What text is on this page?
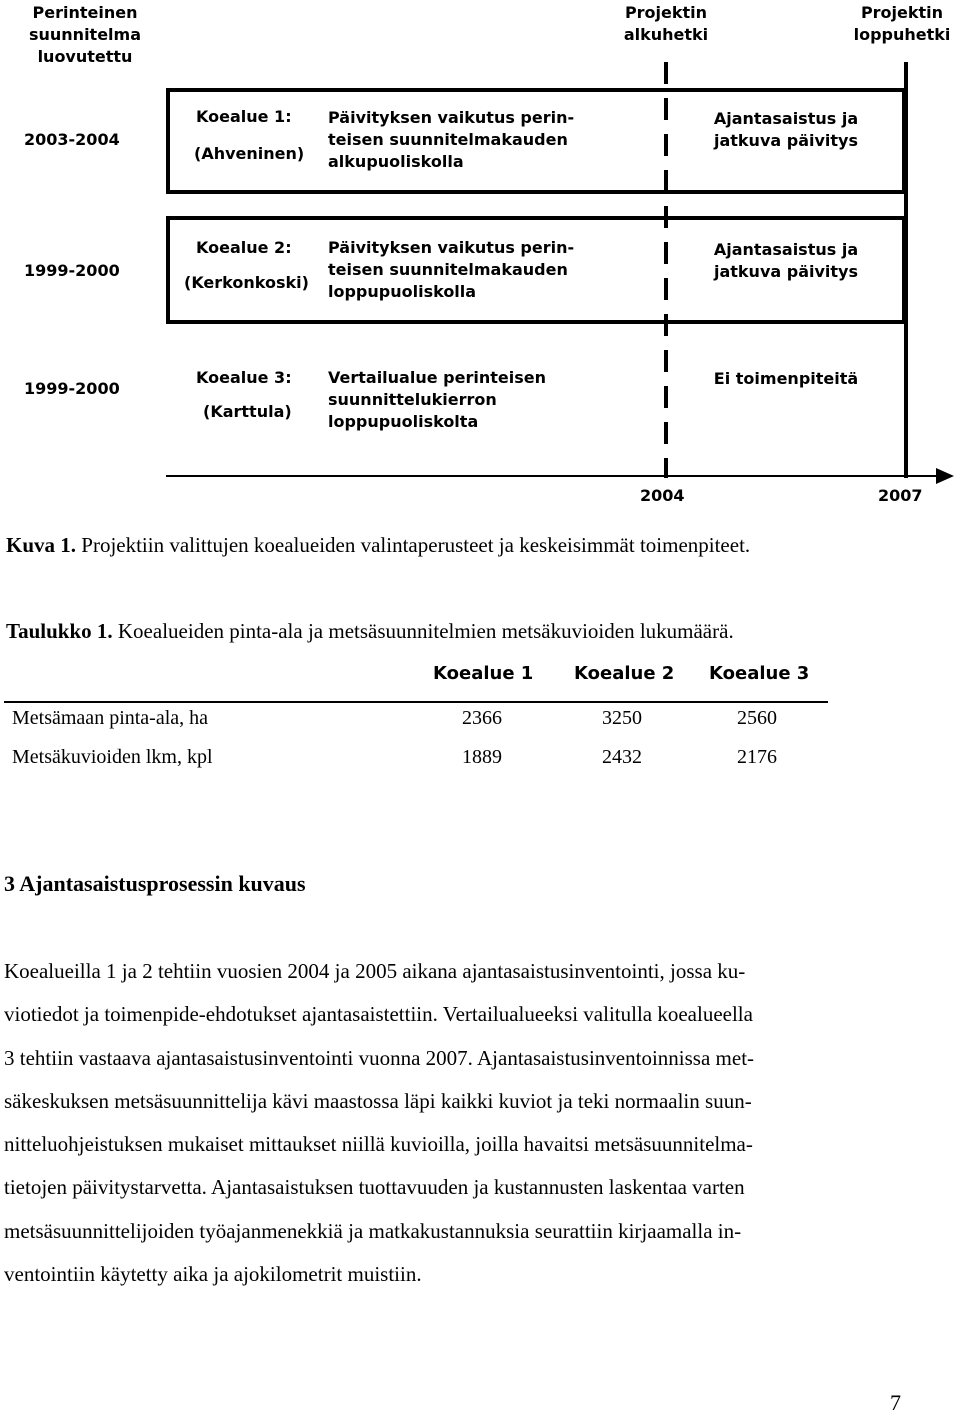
Perinteinen
suunnitelma
luovutettu
Projektin
alkuhetki
Projektin
loppuhetki
2003-2004
Koealue 1:
(Ahveninen)
Päivityksen vaikutus perin-
teisen suunnitelmakauden
alkupuoliskolla
Ajantasaistus ja
jatkuva päivitys
1999-2000
Koealue 2:
(Kerkonkoski)
Päivityksen vaikutus perin-
teisen suunnitelmakauden
loppupuoliskolla
Ajantasaistus ja
jatkuva päivitys
1999-2000
Koealue 3:
(Karttula)
Vertailualue perinteisen
suunnittelukierron
loppupuoliskolta
Ei toimenpiteitä
2004	2007
Kuva 1. Projektiin valittujen koealueiden valintaperusteet ja keskeisimmät toimenpiteet.
Taulukko 1. Koealueiden pinta-ala ja metsäsuunnitelmien metsäkuvioiden lukumäärä.
Koealue 1 Koealue 2 Koealue 3
Metsämaan pinta-ala, ha	2366	3250	2560
Metsäkuvioiden lkm, kpl	1889	2432	2176
3 Ajantasaistusprosessin kuvaus
Koealueilla 1 ja 2 tehtiin vuosien 2004 ja 2005 aikana ajantasaistusinventointi, jossa ku-
viotiedot ja toimenpide-ehdotukset ajantasaistettiin. Vertailualueeksi valitulla koealueella
3 tehtiin vastaava ajantasaistusinventointi vuonna 2007. Ajantasaistusinventoinnissa met-
säkeskuksen metsäsuunnittelija kävi maastossa läpi kaikki kuviot ja teki normaalin suun-
nitteluohjeistuksen mukaiset mittaukset niillä kuvioilla, joilla havaitsi metsäsuunnitelma-
tietojen päivitystarvetta. Ajantasaistuksen tuottavuuden ja kustannusten laskentaa varten
metsäsuunnittelijoiden työajanmenekkiä ja matkakustannuksia seurattiin kirjaamalla in-
ventointiin käytetty aika ja ajokilometrit muistiin.
7
